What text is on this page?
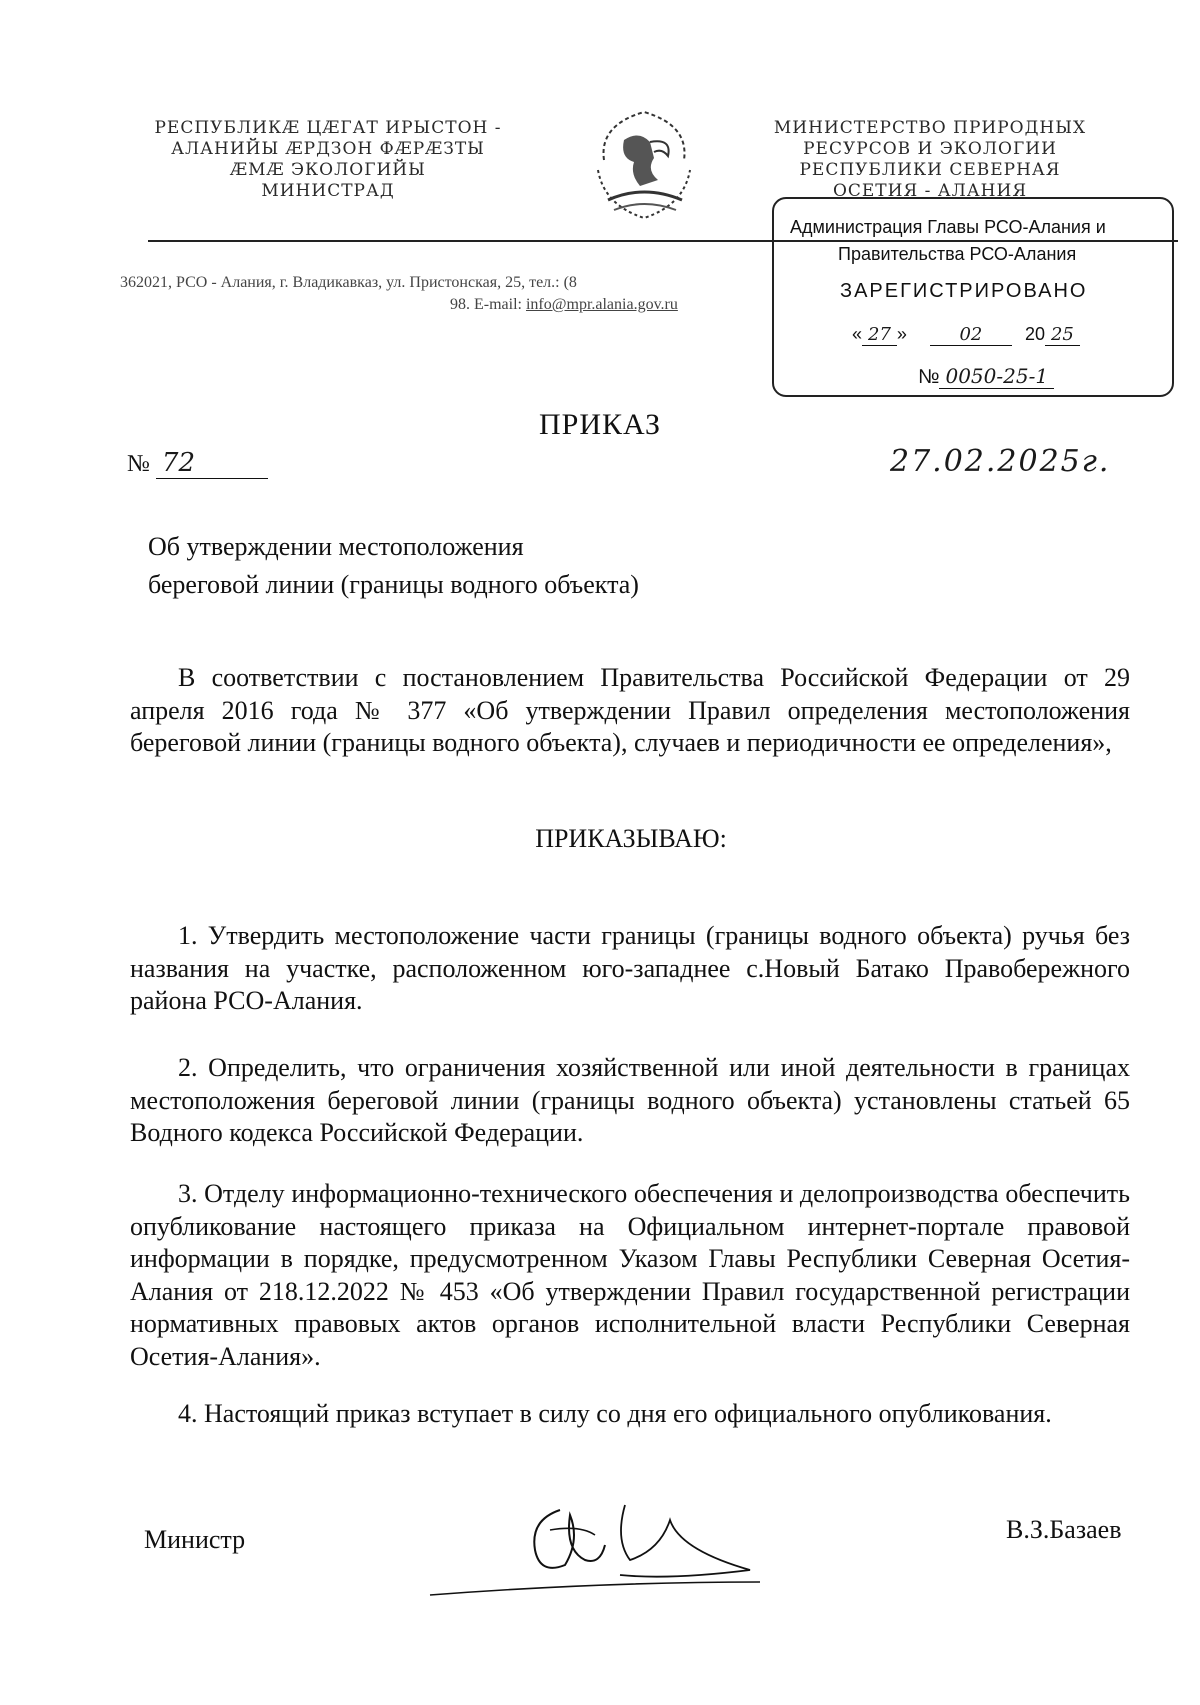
РЕСПУБЛИКӔ ЦӔГАТ ИРЫСТОН -
АЛАНИЙЫ ӔРДЗОН ФӔРӔЗТЫ
ӔМӔ ЭКОЛОГИЙЫ
МИНИСТРАД
МИНИСТЕРСТВО ПРИРОДНЫХ
РЕСУРСОВ И ЭКОЛОГИИ
РЕСПУБЛИКИ СЕВЕРНАЯ
ОСЕТИЯ - АЛАНИЯ
362021, РСО - Алания, г. Владикавказ, ул. Пристонская, 25, тел.: (8
98. E-mail: info@mpr.alania.gov.ru
Администрация Главы РСО-Алания и
Правительства РСО-Алания
ЗАРЕГИСТРИРОВАНО
« 27 »	02 20 25
№ 0050-25-1
ПРИКАЗ
№ 72	27.02.2025г.
Об утверждении местоположения
береговой линии (границы водного объекта)
В соответствии с постановлением Правительства Российской Федерации от 29 апреля 2016 года № 377 «Об утверждении Правил определения местоположения береговой линии (границы водного объекта), случаев и периодичности ее определения»,
ПРИКАЗЫВАЮ:
1. Утвердить местоположение части границы (границы водного объекта) ручья без названия на участке, расположенном юго-западнее с.Новый Батако Правобережного района РСО-Алания.
2. Определить, что ограничения хозяйственной или иной деятельности в границах местоположения береговой линии (границы водного объекта) установлены статьей 65 Водного кодекса Российской Федерации.
3. Отделу информационно-технического обеспечения и делопроизводства обеспечить опубликование настоящего приказа на Официальном интернет-портале правовой информации в порядке, предусмотренном Указом Главы Республики Северная Осетия-Алания от 218.12.2022 № 453 «Об утверждении Правил государственной регистрации нормативных правовых актов органов исполнительной власти Республики Северная Осетия-Алания».
4. Настоящий приказ вступает в силу со дня его официального опубликования.
Министр	В.З.Базаев
